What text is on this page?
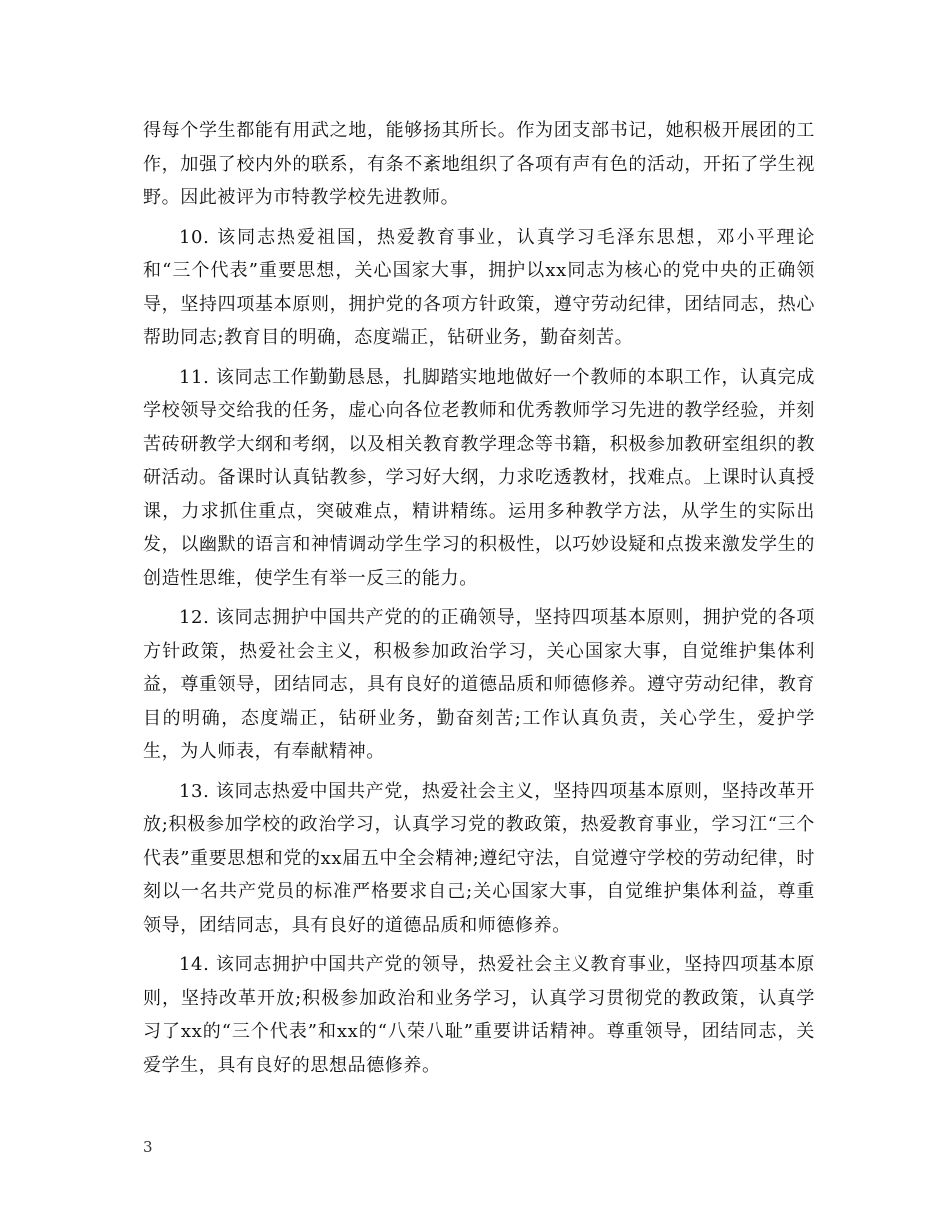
得每个学生都能有用武之地，能够扬其所长。作为团支部书记，她积极开展团的工作，加强了校内外的联系，有条不紊地组织了各项有声有色的活动，开拓了学生视野。因此被评为市特教学校先进教师。

10. 该同志热爱祖国，热爱教育事业，认真学习毛泽东思想，邓小平理论和“三个代表”重要思想，关心国家大事，拥护以xx同志为核心的党中央的正确领导，坚持四项基本原则，拥护党的各项方针政策，遵守劳动纪律，团结同志，热心帮助同志;教育目的明确，态度端正，钻研业务，勤奋刻苦。

11. 该同志工作勤勤恳恳，扎脚踏实地地做好一个教师的本职工作，认真完成学校领导交给我的任务，虚心向各位老教师和优秀教师学习先进的教学经验，并刻苦砖研教学大纲和考纲，以及相关教育教学理念等书籍，积极参加教研室组织的教研活动。备课时认真钻教参，学习好大纲，力求吃透教材，找难点。上课时认真授课，力求抓住重点，突破难点，精讲精练。运用多种教学方法，从学生的实际出发，以幽默的语言和神情调动学生学习的积极性，以巧妙设疑和点拨来激发学生的创造性思维，使学生有举一反三的能力。

12. 该同志拥护中国共产党的的正确领导，坚持四项基本原则，拥护党的各项方针政策，热爱社会主义，积极参加政治学习，关心国家大事，自觉维护集体利益，尊重领导，团结同志，具有良好的道德品质和师德修养。遵守劳动纪律，教育目的明确，态度端正，钻研业务，勤奋刻苦;工作认真负责，关心学生，爱护学生，为人师表，有奉献精神。

13. 该同志热爱中国共产党，热爱社会主义，坚持四项基本原则，坚持改革开放;积极参加学校的政治学习，认真学习党的教政策，热爱教育事业，学习江“三个代表”重要思想和党的xx届五中全会精神;遵纪守法，自觉遵守学校的劳动纪律，时刻以一名共产党员的标准严格要求自己;关心国家大事，自觉维护集体利益，尊重领导，团结同志，具有良好的道德品质和师德修养。

14. 该同志拥护中国共产党的领导，热爱社会主义教育事业，坚持四项基本原则，坚持改革开放;积极参加政治和业务学习，认真学习贯彻党的教政策，认真学习了xx的“三个代表”和xx的“八荣八耻”重要讲话精神。尊重领导，团结同志，关爱学生，具有良好的思想品德修养。

3
